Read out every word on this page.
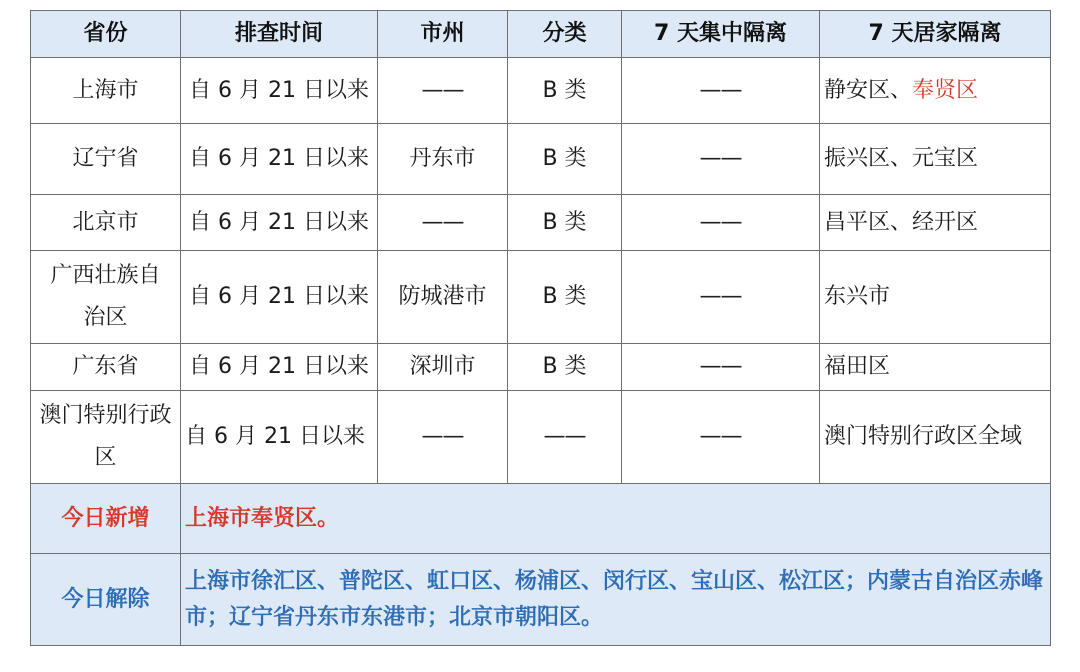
省份	排查时间	市州	分类	7 天集中隔离	7 天居家隔离
上海市	自 6 月 21 日以来	——	B 类	——	静安区、奉贤区
辽宁省	自 6 月 21 日以来	丹东市	B 类	——	振兴区、元宝区
北京市	自 6 月 21 日以来	——	B 类	——	昌平区、经开区
广西壮族自治区	自 6 月 21 日以来	防城港市	B 类	——	东兴市
广东省	自 6 月 21 日以来	深圳市	B 类	——	福田区
澳门特别行政区	自 6 月 21 日以来	——	——	——	澳门特别行政区全域
今日新增	上海市奉贤区。				
今日解除	上海市徐汇区、普陀区、虹口区、杨浦区、闵行区、宝山区、松江区；内蒙古自治区赤峰市；辽宁省丹东市东港市；北京市朝阳区。				
